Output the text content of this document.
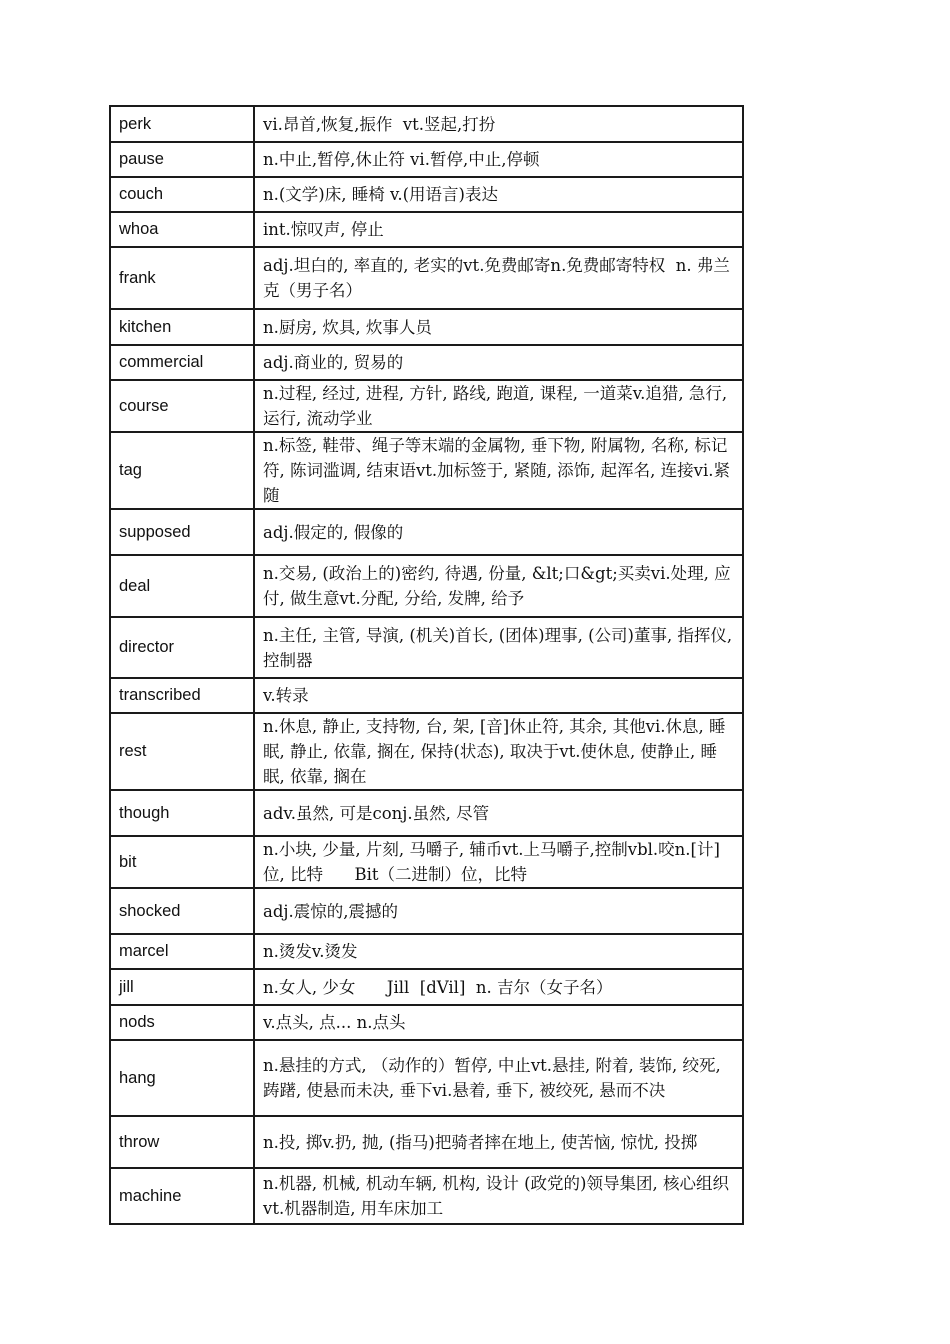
perk	vi.昂首,恢复,振作  vt.竖起,打扮
pause	n.中止,暂停,休止符 vi.暂停,中止,停顿
couch	n.(文学)床, 睡椅 v.(用语言)表达
whoa	int.惊叹声, 停止
frank	adj.坦白的, 率直的, 老实的vt.免费邮寄n.免费邮寄特权  n. 弗兰克（男子名）
kitchen	n.厨房, 炊具, 炊事人员
commercial	adj.商业的, 贸易的
course	n.过程, 经过, 进程, 方针, 路线, 跑道, 课程, 一道菜v.追猎, 急行, 运行, 流动学业
tag	n.标签, 鞋带、绳子等末端的金属物, 垂下物, 附属物, 名称, 标记符, 陈词滥调, 结束语vt.加标签于, 紧随, 添饰, 起浑名, 连接vi.紧随
supposed	adj.假定的, 假像的
deal	n.交易, (政治上的)密约, 待遇, 份量, &lt;口&gt;买卖vi.处理, 应付, 做生意vt.分配, 分给, 发牌, 给予
director	n.主任, 主管, 导演, (机关)首长, (团体)理事, (公司)董事, 指挥仪, 控制器
transcribed	v.转录
rest	n.休息, 静止, 支持物, 台, 架, [音]休止符, 其余, 其他vi.休息, 睡眠, 静止, 依靠, 搁在, 保持(状态), 取决于vt.使休息, 使静止, 睡眠, 依靠, 搁在
though	adv.虽然, 可是conj.虽然, 尽管
bit	n.小块, 少量, 片刻, 马嚼子, 辅币vt.上马嚼子,控制vbl.咬n.[计]位, 比特      Bit（二进制）位，比特
shocked	adj.震惊的,震撼的
marcel	n.烫发v.烫发
jill	n.女人, 少女      Jill  [dVil]  n. 吉尔（女子名）
nods	v.点头, 点... n.点头
hang	n.悬挂的方式, （动作的）暂停, 中止vt.悬挂, 附着, 装饰, 绞死, 踌躇, 使悬而未决, 垂下vi.悬着, 垂下, 被绞死, 悬而不决
throw	n.投, 掷v.扔, 抛, (指马)把骑者摔在地上, 使苦恼, 惊忧, 投掷
machine	n.机器, 机械, 机动车辆, 机构, 设计 (政党的)领导集团, 核心组织vt.机器制造, 用车床加工
